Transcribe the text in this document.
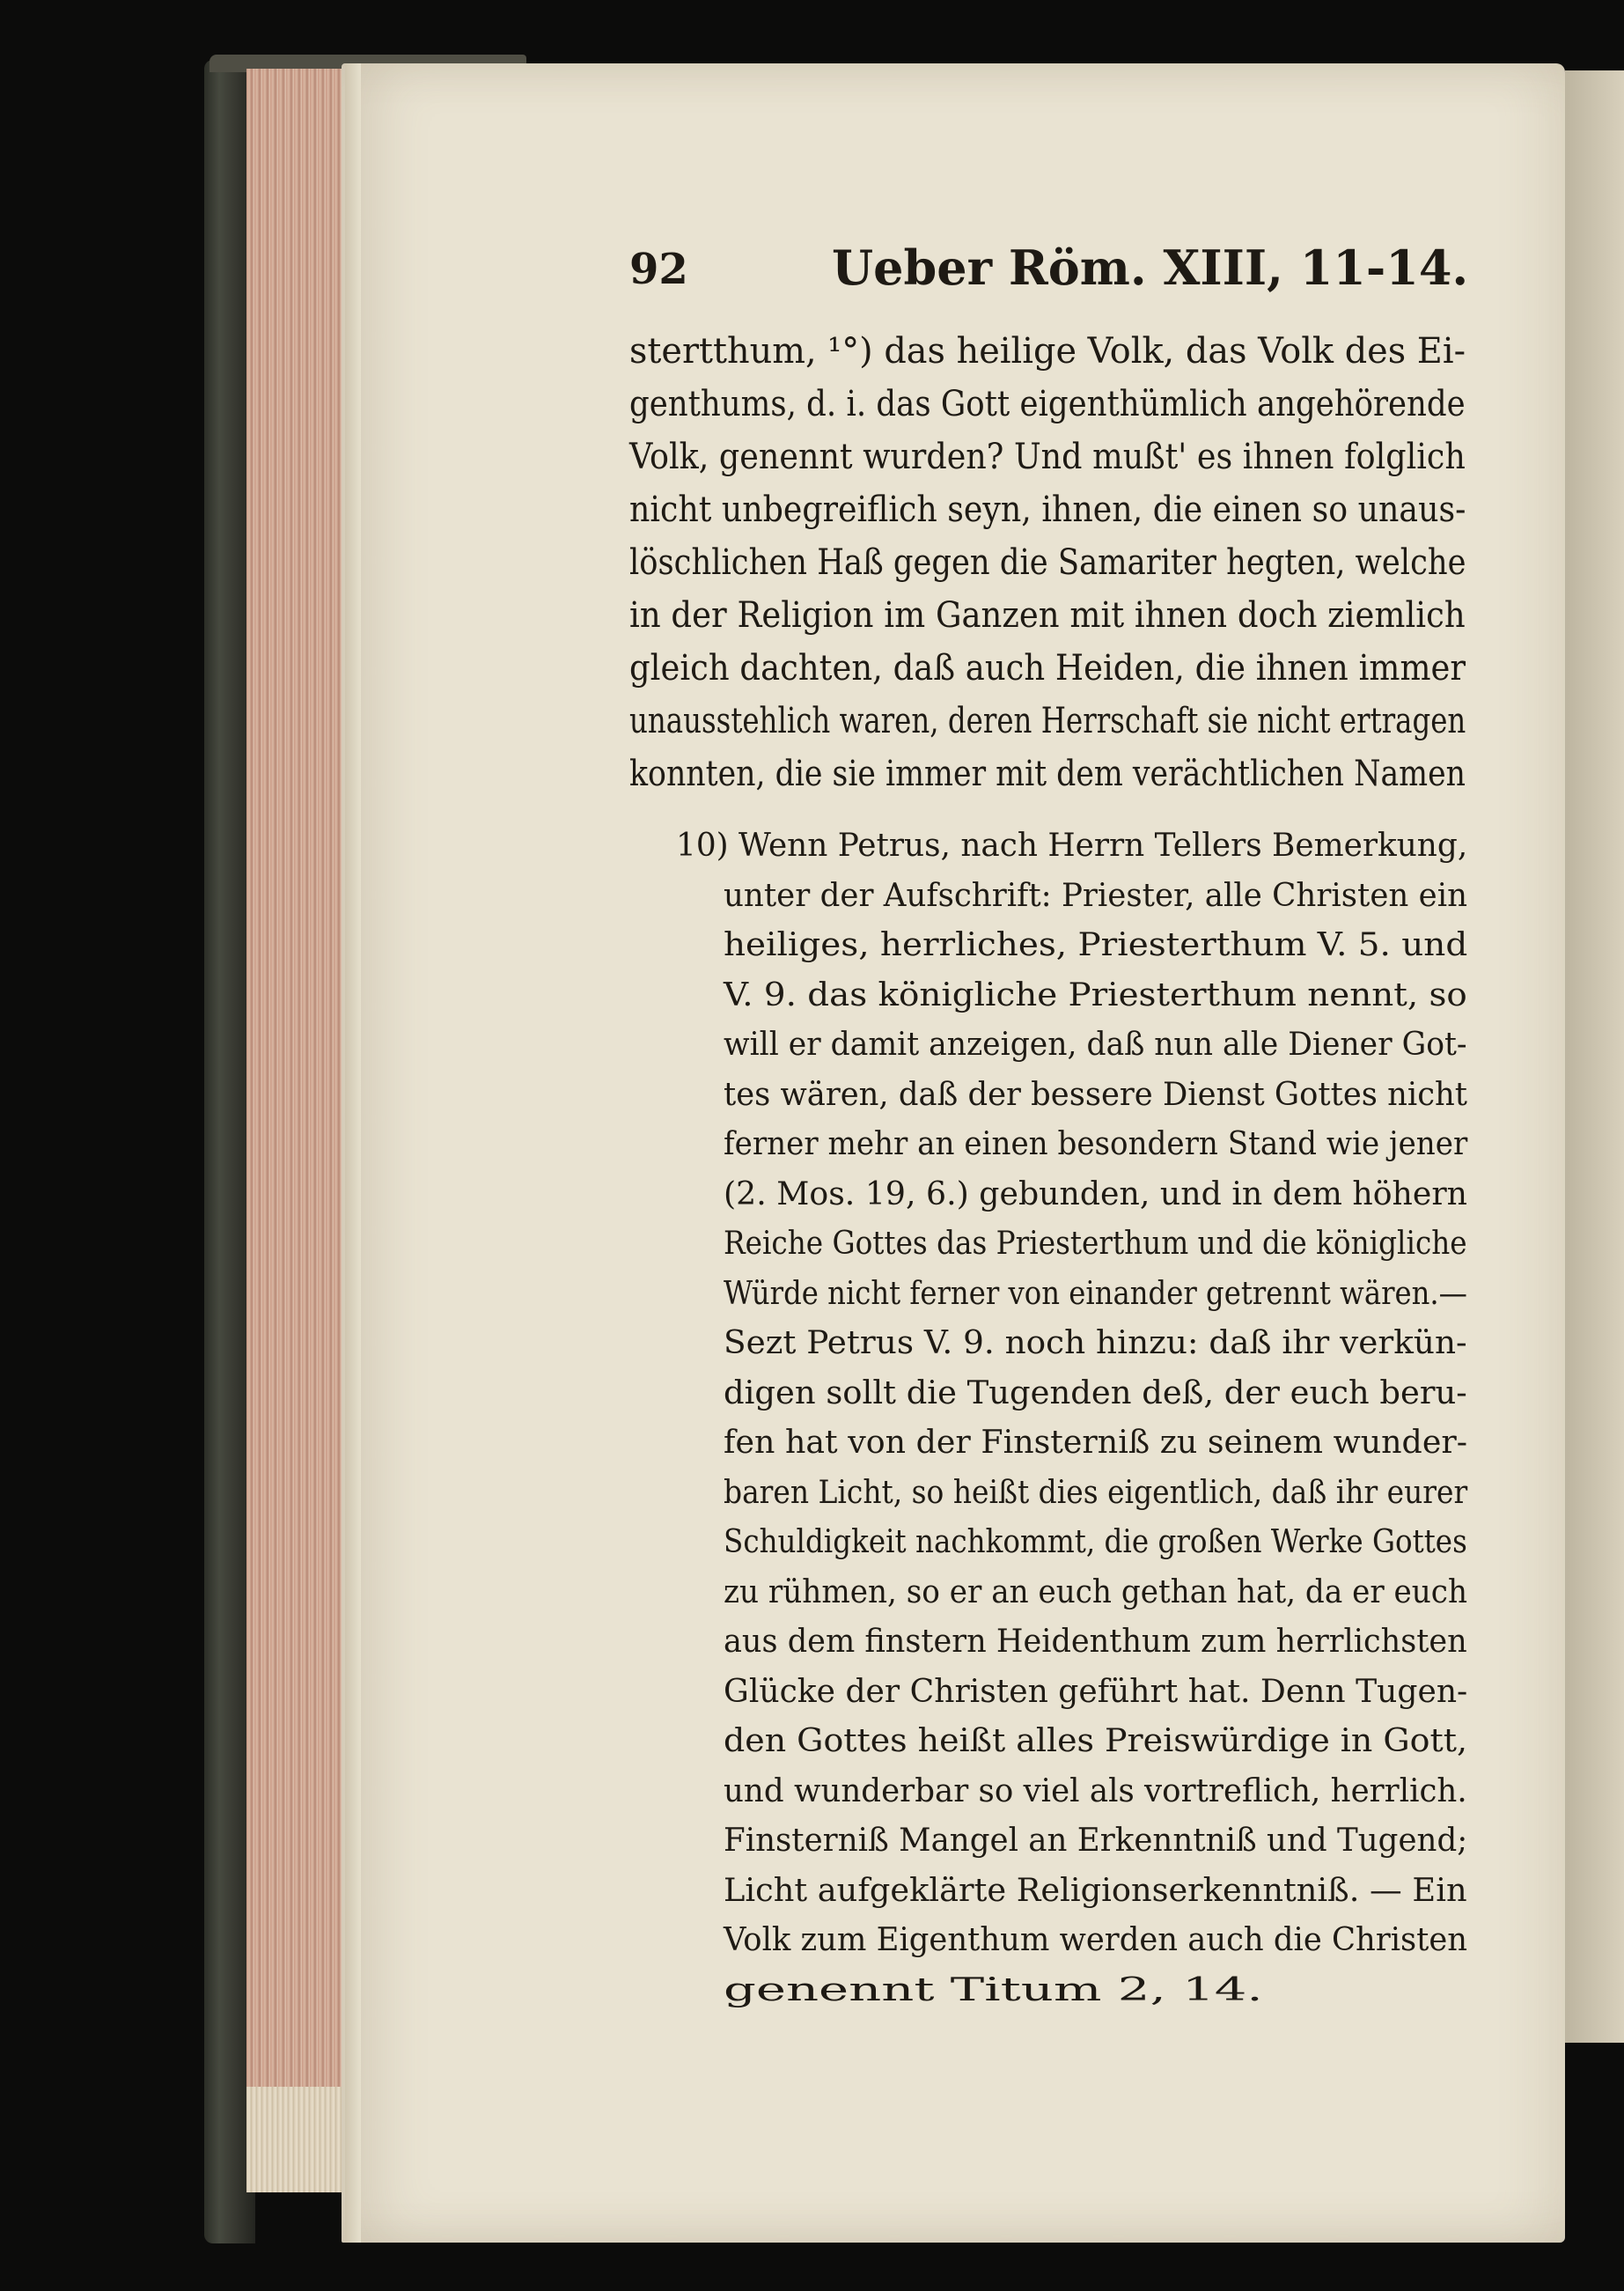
92	Ueber Röm. XIII, 11-14.
stertthum, ¹°) das heilige Volk, das Volk des Ei-
genthums, d. i. das Gott eigenthümlich angehörende
Volk, genennt wurden? Und mußt' es ihnen folglich
nicht unbegreiflich seyn, ihnen, die einen so unaus-
löschlichen Haß gegen die Samariter hegten, welche
in der Religion im Ganzen mit ihnen doch ziemlich
gleich dachten, daß auch Heiden, die ihnen immer
unausstehlich waren, deren Herrschaft sie nicht ertragen
konnten, die sie immer mit dem verächtlichen Namen
10) Wenn Petrus, nach Herrn Tellers Bemerkung,
unter der Aufschrift: Priester, alle Christen ein
heiliges, herrliches, Priesterthum V. 5. und
V. 9. das königliche Priesterthum nennt, so
will er damit anzeigen, daß nun alle Diener Got-
tes wären, daß der bessere Dienst Gottes nicht
ferner mehr an einen besondern Stand wie jener
(2. Mos. 19, 6.) gebunden, und in dem höhern
Reiche Gottes das Priesterthum und die königliche
Würde nicht ferner von einander getrennt wären.—
Sezt Petrus V. 9. noch hinzu: daß ihr verkün-
digen sollt die Tugenden deß, der euch beru-
fen hat von der Finsterniß zu seinem wunder-
baren Licht, so heißt dies eigentlich, daß ihr eurer
Schuldigkeit nachkommt, die großen Werke Gottes
zu rühmen, so er an euch gethan hat, da er euch
aus dem finstern Heidenthum zum herrlichsten
Glücke der Christen geführt hat. Denn Tugen-
den Gottes heißt alles Preiswürdige in Gott,
und wunderbar so viel als vortreflich, herrlich.
Finsterniß Mangel an Erkenntniß und Tugend;
Licht aufgeklärte Religionserkenntniß. — Ein
Volk zum Eigenthum werden auch die Christen
genennt Titum 2, 14.
